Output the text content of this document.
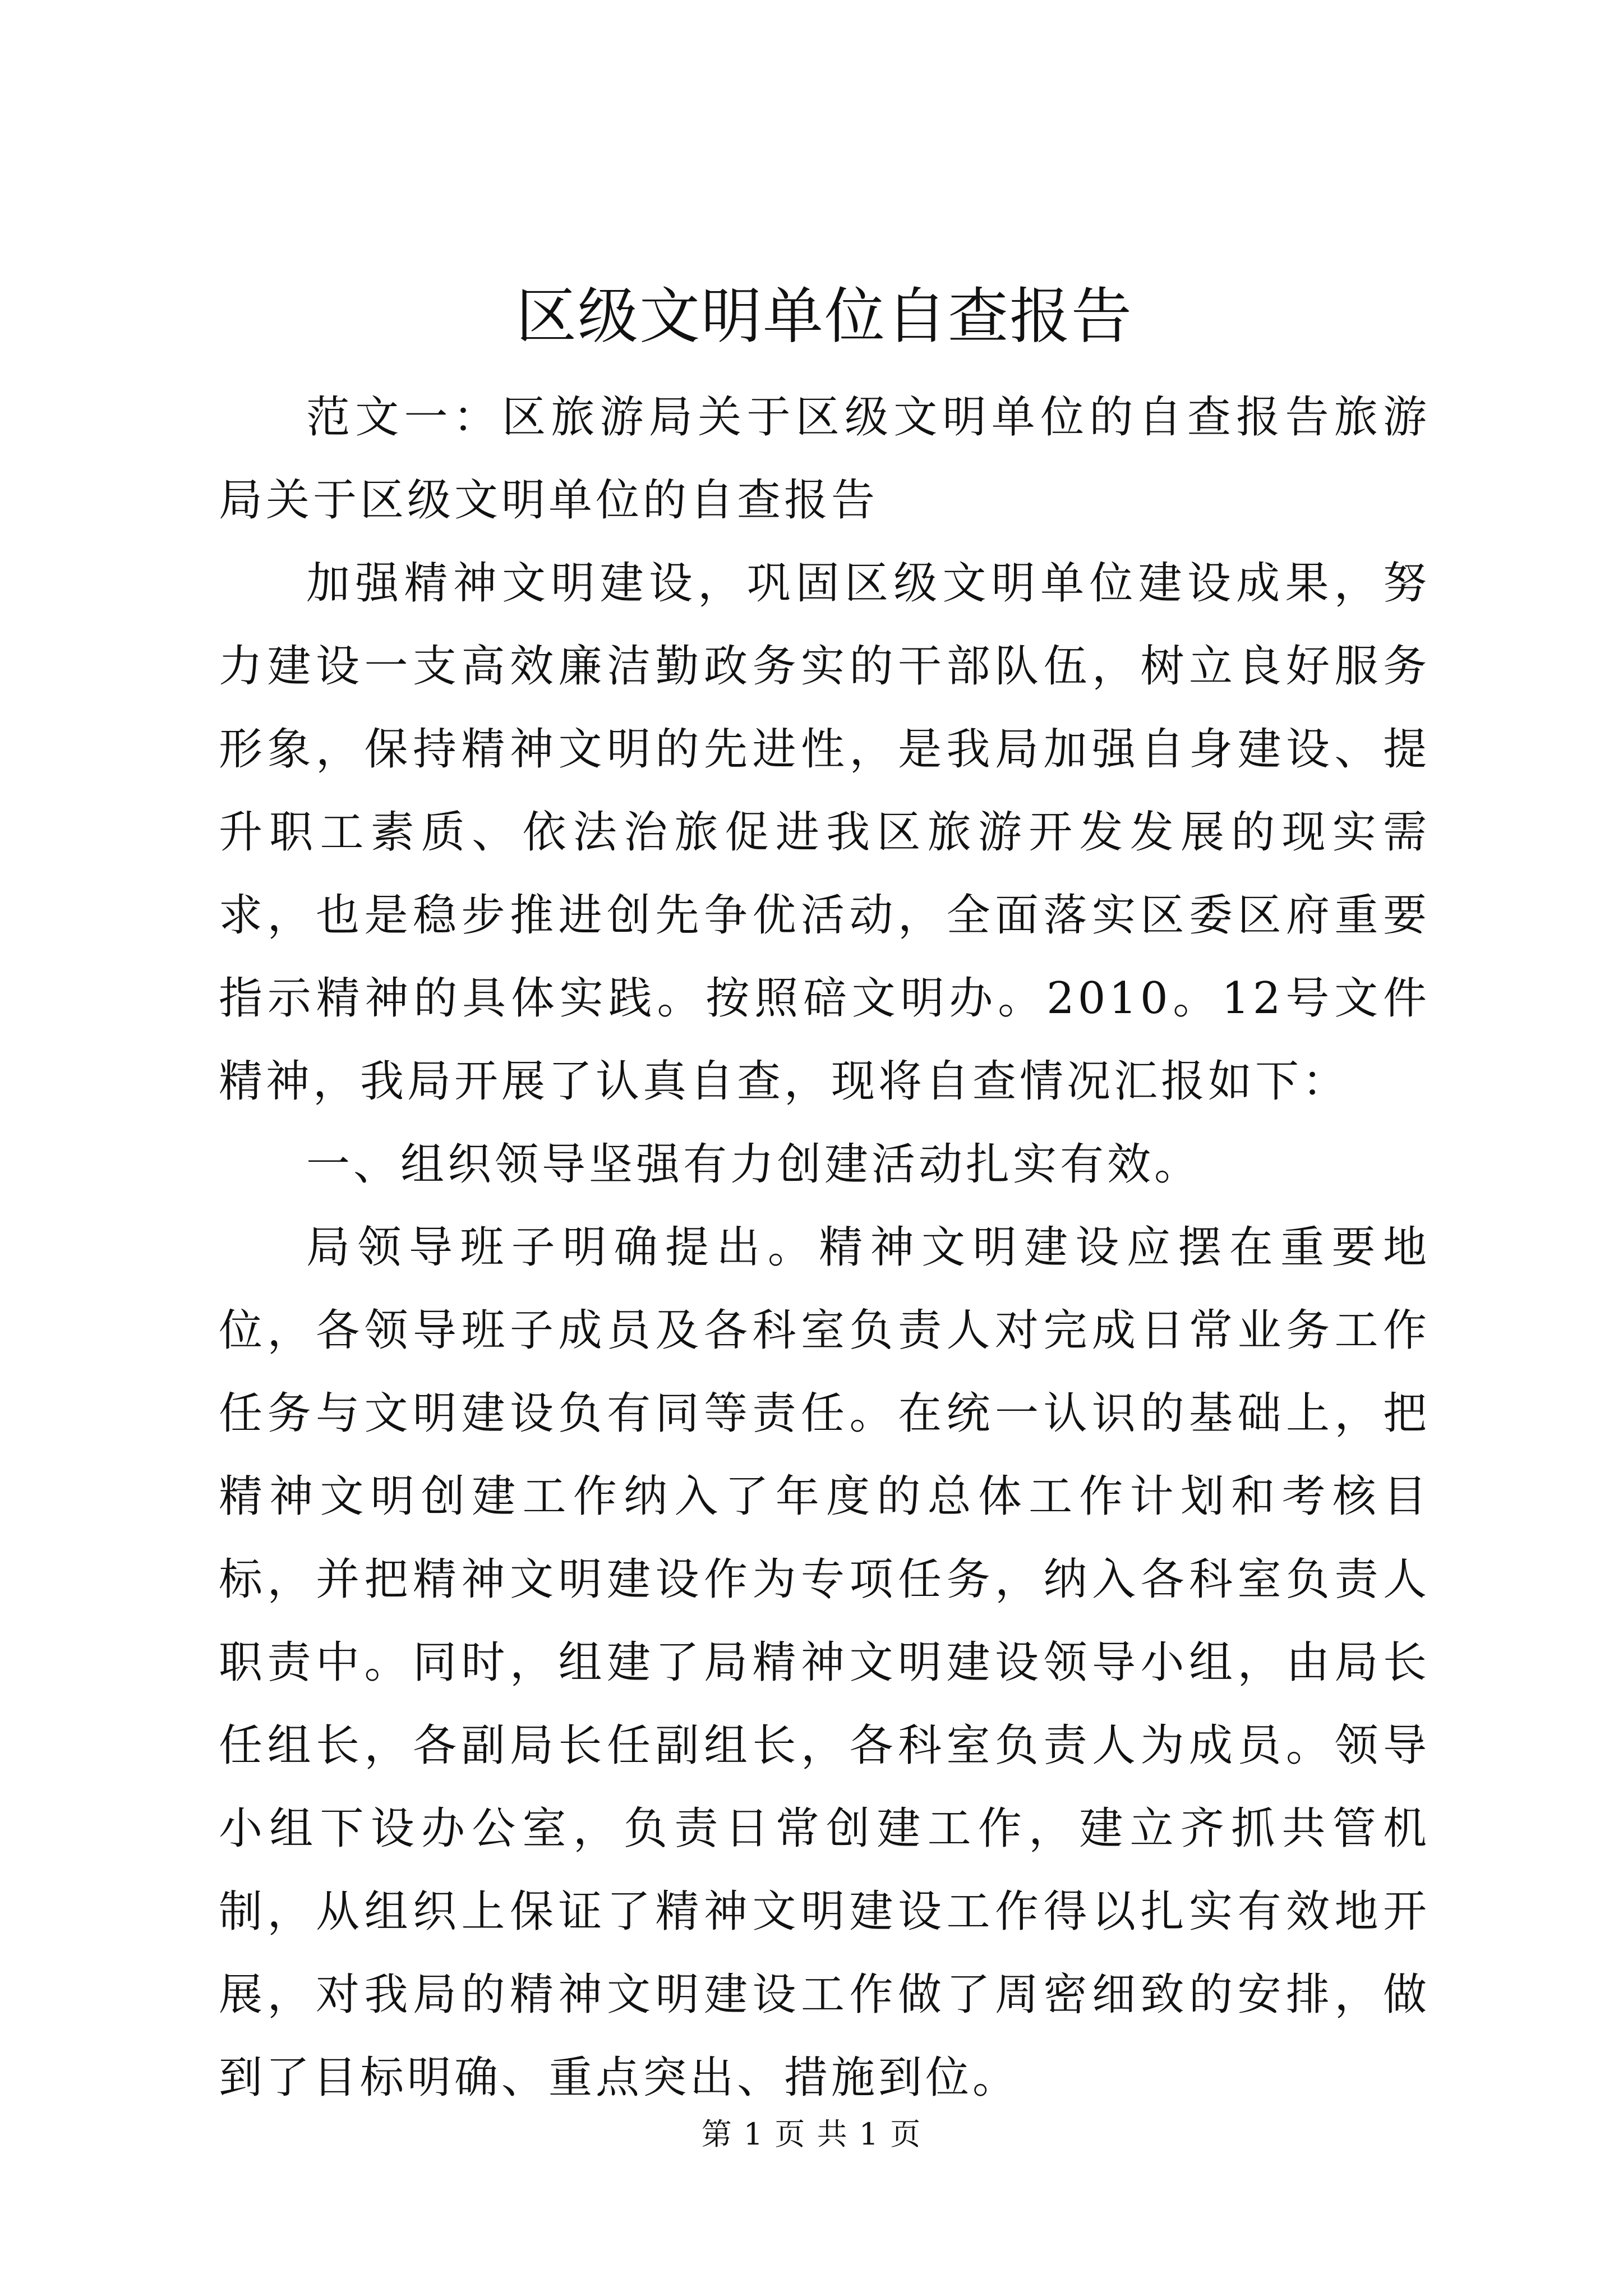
区级文明单位自查报告

范文一：区旅游局关于区级文明单位的自查报告旅游局关于区级文明单位的自查报告

加强精神文明建设，巩固区级文明单位建设成果，努力建设一支高效廉洁勤政务实的干部队伍，树立良好服务形象，保持精神文明的先进性，是我局加强自身建设、提升职工素质、依法治旅促进我区旅游开发发展的现实需求，也是稳步推进创先争优活动，全面落实区委区府重要指示精神的具体实践。按照碚文明办。2010。12号文件精神，我局开展了认真自查，现将自查情况汇报如下：

一、组织领导坚强有力创建活动扎实有效。

局领导班子明确提出。精神文明建设应摆在重要地位，各领导班子成员及各科室负责人对完成日常业务工作任务与文明建设负有同等责任。在统一认识的基础上，把精神文明创建工作纳入了年度的总体工作计划和考核目标，并把精神文明建设作为专项任务，纳入各科室负责人职责中。同时，组建了局精神文明建设领导小组，由局长任组长，各副局长任副组长，各科室负责人为成员。领导小组下设办公室，负责日常创建工作，建立齐抓共管机制，从组织上保证了精神文明建设工作得以扎实有效地开展，对我局的精神文明建设工作做了周密细致的安排，做到了目标明确、重点突出、措施到位。

第 1 页 共 1 页
